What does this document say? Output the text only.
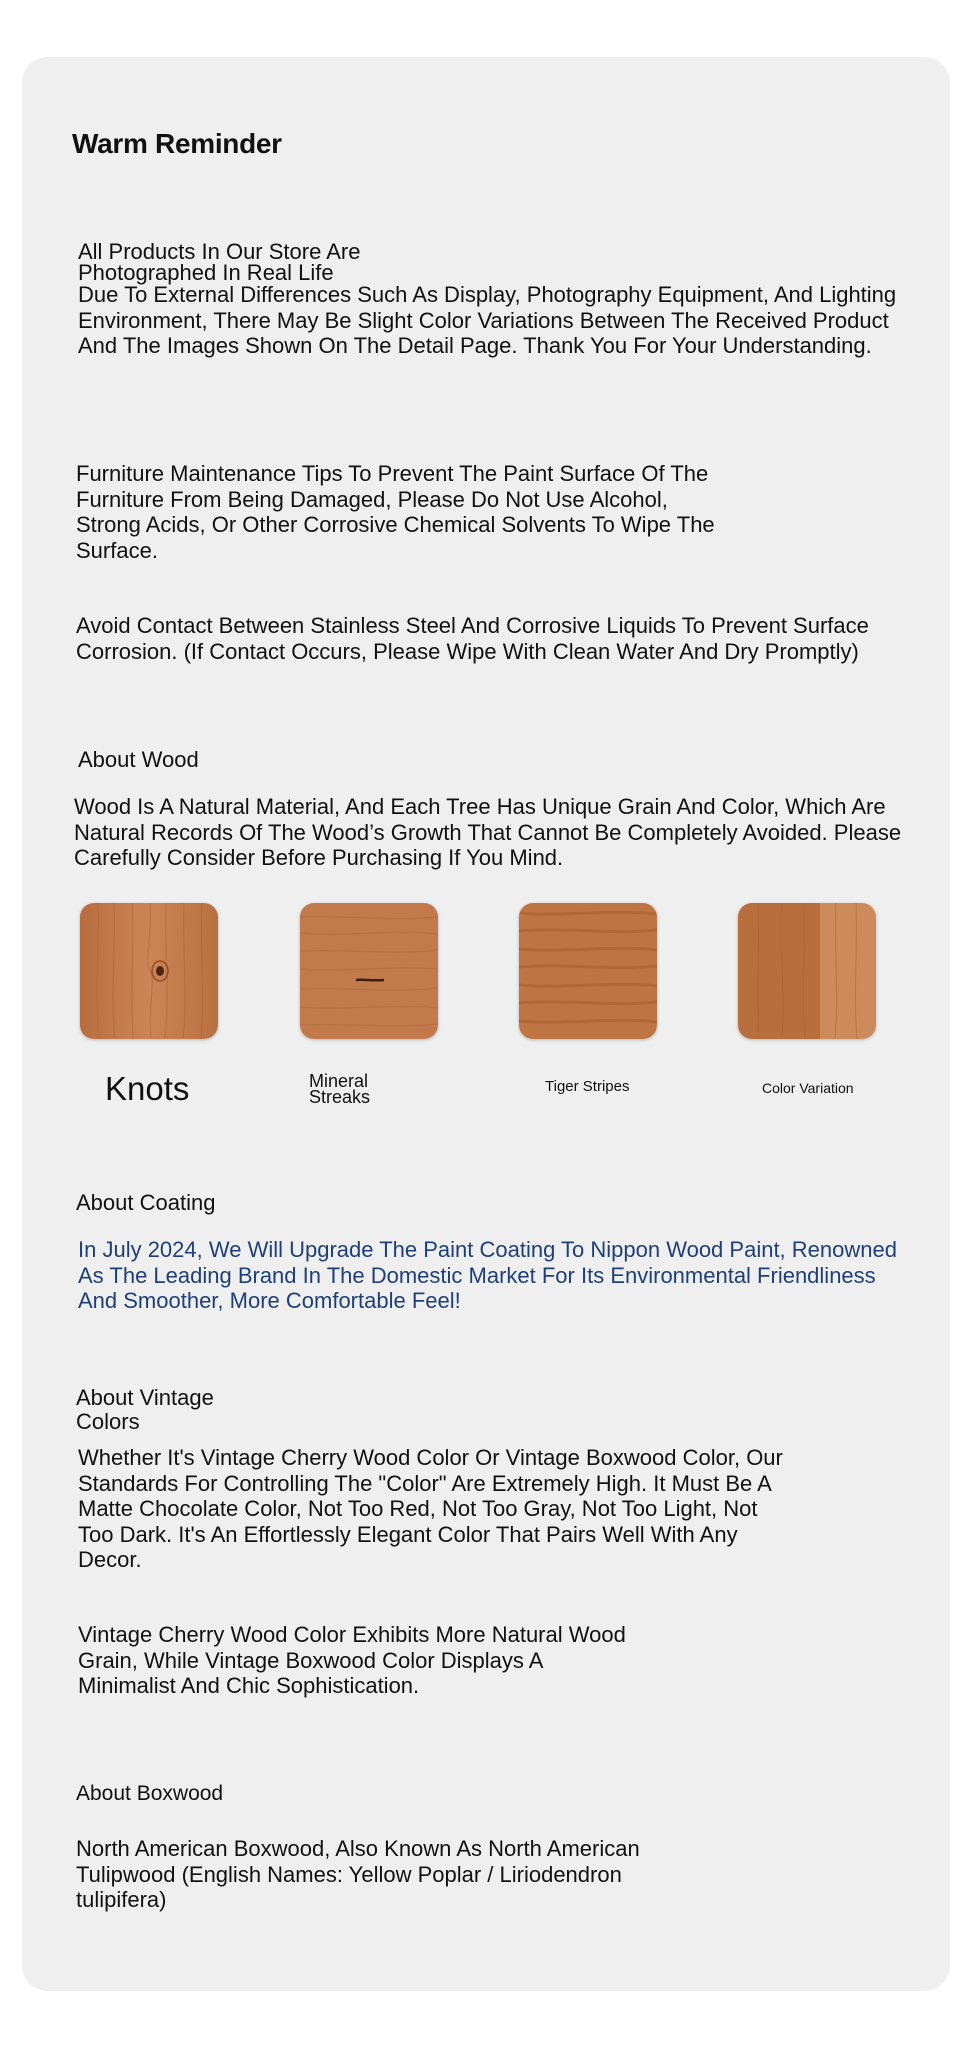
Warm Reminder
All Products In Our Store Are Photographed In Real Life
Due To External Differences Such As Display, Photography Equipment, And Lighting Environment, There May Be Slight Color Variations Between The Received Product And The Images Shown On The Detail Page. Thank You For Your Understanding.
Furniture Maintenance Tips To Prevent The Paint Surface Of The Furniture From Being Damaged, Please Do Not Use Alcohol, Strong Acids, Or Other Corrosive Chemical Solvents To Wipe The Surface.
Avoid Contact Between Stainless Steel And Corrosive Liquids To Prevent Surface Corrosion. (If Contact Occurs, Please Wipe With Clean Water And Dry Promptly)
About Wood
Wood Is A Natural Material, And Each Tree Has Unique Grain And Color, Which Are Natural Records Of The Wood’s Growth That Cannot Be Completely Avoided. Please Carefully Consider Before Purchasing If You Mind.
Knots	Mineral Streaks
Tiger Stripes	Color Variation
About Coating
In July 2024, We Will Upgrade The Paint Coating To Nippon Wood Paint, Renowned As The Leading Brand In The Domestic Market For Its Environmental Friendliness And Smoother, More Comfortable Feel!
About Vintage Colors
Whether It's Vintage Cherry Wood Color Or Vintage Boxwood Color, Our Standards For Controlling The "Color" Are Extremely High. It Must Be A Matte Chocolate Color, Not Too Red, Not Too Gray, Not Too Light, Not Too Dark. It's An Effortlessly Elegant Color That Pairs Well With Any Decor.
Vintage Cherry Wood Color Exhibits More Natural Wood Grain, While Vintage Boxwood Color Displays A Minimalist And Chic Sophistication.
About Boxwood
North American Boxwood, Also Known As North American Tulipwood (English Names: Yellow Poplar / Liriodendron tulipifera)
